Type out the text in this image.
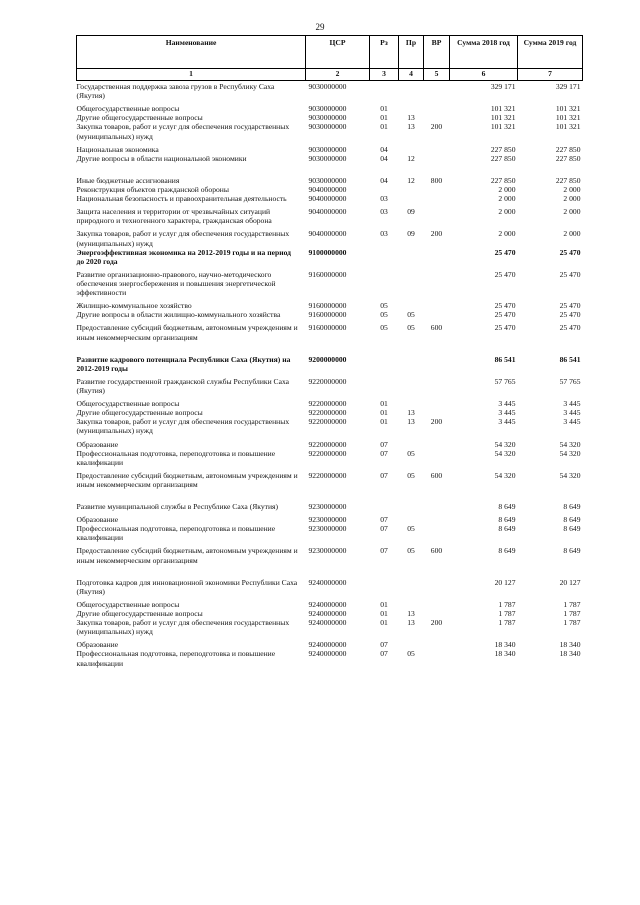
29
Наименование	ЦСР	Рз	Пр	ВР	Сумма 2018 год	Сумма 2019 год
1	2	3	4	5	6	7
Государственная поддержка завоза грузов в Республику Саха (Якутия)	9030000000				329 171	329 171
Общегосударственные вопросы	9030000000	01			101 321	101 321
Другие общегосударственные вопросы	9030000000	01	13		101 321	101 321
Закупка товаров, работ и услуг для обеспечения государственных (муниципальных) нужд	9030000000	01	13	200	101 321	101 321
Национальная экономика	9030000000	04			227 850	227 850
Другие вопросы в области национальной экономики	9030000000	04	12		227 850	227 850
Иные бюджетные ассигнования	9030000000	04	12	800	227 850	227 850
Реконструкция объектов гражданской обороны	9040000000				2 000	2 000
Национальная безопасность и правоохранительная деятельность	9040000000	03			2 000	2 000
Защита населения и территории от чрезвычайных ситуаций природного и техногенного характера, гражданская оборона	9040000000	03	09		2 000	2 000
Закупка товаров, работ и услуг для обеспечения государственных (муниципальных) нужд	9040000000	03	09	200	2 000	2 000
Энергоэффективная экономика на 2012-2019 годы и на период до 2020 года	9100000000				25 470	25 470
Развитие организационно-правового, научно-методического обеспечения энергосбережения и повышения энергетической эффективности	9160000000				25 470	25 470
Жилищно-коммунальное хозяйство	9160000000	05			25 470	25 470
Другие вопросы в области жилищно-коммунального хозяйства	9160000000	05	05		25 470	25 470
Предоставление субсидий бюджетным, автономным учреждениям и иным некоммерческим организациям	9160000000	05	05	600	25 470	25 470
Развитие кадрового потенциала Республики Саха (Якутия) на 2012-2019 годы	9200000000				86 541	86 541
Развитие государственной гражданской службы Республики Саха (Якутия)	9220000000				57 765	57 765
Общегосударственные вопросы	9220000000	01			3 445	3 445
Другие общегосударственные вопросы	9220000000	01	13		3 445	3 445
Закупка товаров, работ и услуг для обеспечения государственных (муниципальных) нужд	9220000000	01	13	200	3 445	3 445
Образование	9220000000	07			54 320	54 320
Профессиональная подготовка, переподготовка и повышение квалификации	9220000000	07	05		54 320	54 320
Предоставление субсидий бюджетным, автономным учреждениям и иным некоммерческим организациям	9220000000	07	05	600	54 320	54 320
Развитие муниципальной службы в Республике Саха (Якутия)	9230000000				8 649	8 649
Образование	9230000000	07			8 649	8 649
Профессиональная подготовка, переподготовка и повышение квалификации	9230000000	07	05		8 649	8 649
Предоставление субсидий бюджетным, автономным учреждениям и иным некоммерческим организациям	9230000000	07	05	600	8 649	8 649
Подготовка кадров для инновационной экономики Республики Саха (Якутия)	9240000000				20 127	20 127
Общегосударственные вопросы	9240000000	01			1 787	1 787
Другие общегосударственные вопросы	9240000000	01	13		1 787	1 787
Закупка товаров, работ и услуг для обеспечения государственных (муниципальных) нужд	9240000000	01	13	200	1 787	1 787
Образование	9240000000	07			18 340	18 340
Профессиональная подготовка, переподготовка и повышение квалификации	9240000000	07	05		18 340	18 340
